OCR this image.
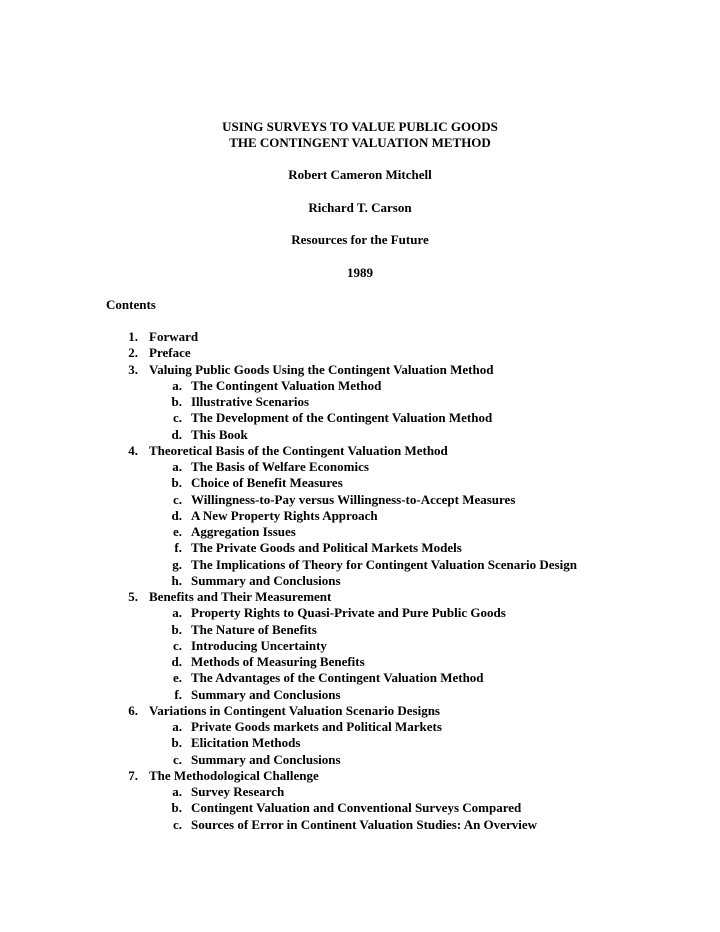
USING SURVEYS TO VALUE PUBLIC GOODS
THE CONTINGENT VALUATION METHOD
Robert Cameron Mitchell
Richard T. Carson
Resources for the Future
1989
Contents
1. Forward
2. Preface
3. Valuing Public Goods Using the Contingent Valuation Method
a. The Contingent Valuation Method
b. Illustrative Scenarios
c. The Development of the Contingent Valuation Method
d. This Book
4. Theoretical Basis of the Contingent Valuation Method
a. The Basis of Welfare Economics
b. Choice of Benefit Measures
c. Willingness-to-Pay versus Willingness-to-Accept Measures
d. A New Property Rights Approach
e. Aggregation Issues
f. The Private Goods and Political Markets Models
g. The Implications of Theory for Contingent Valuation Scenario Design
h. Summary and Conclusions
5. Benefits and Their Measurement
a. Property Rights to Quasi-Private and Pure Public Goods
b. The Nature of Benefits
c. Introducing Uncertainty
d. Methods of Measuring Benefits
e. The Advantages of the Contingent Valuation Method
f. Summary and Conclusions
6. Variations in Contingent Valuation Scenario Designs
a. Private Goods markets and Political Markets
b. Elicitation Methods
c. Summary and Conclusions
7. The Methodological Challenge
a. Survey Research
b. Contingent Valuation and Conventional Surveys Compared
c. Sources of Error in Continent Valuation Studies: An Overview
